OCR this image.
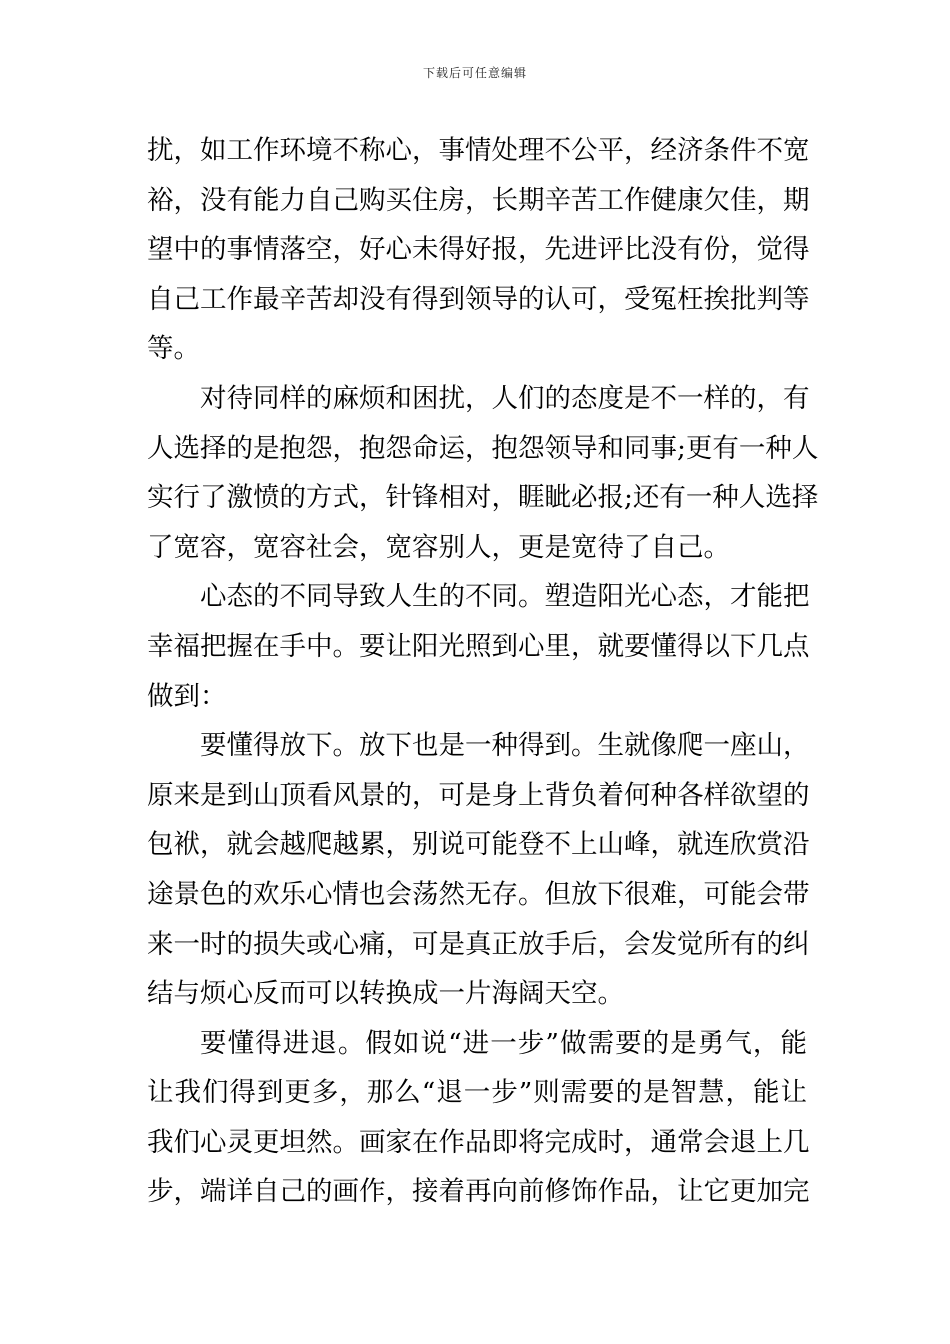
下载后可任意编辑
扰，如工作环境不称心，事情处理不公平，经济条件不宽
裕，没有能力自己购买住房，长期辛苦工作健康欠佳，期
望中的事情落空，好心未得好报，先进评比没有份，觉得
自己工作最辛苦却没有得到领导的认可，受冤枉挨批判等
等。
对待同样的麻烦和困扰，人们的态度是不一样的，有
人选择的是抱怨，抱怨命运，抱怨领导和同事;更有一种人
实行了激愤的方式，针锋相对，睚眦必报;还有一种人选择
了宽容，宽容社会，宽容别人，更是宽待了自己。
心态的不同导致人生的不同。塑造阳光心态，才能把
幸福把握在手中。要让阳光照到心里，就要懂得以下几点
做到：
要懂得放下。放下也是一种得到。生就像爬一座山，
原来是到山顶看风景的，可是身上背负着何种各样欲望的
包袱，就会越爬越累，别说可能登不上山峰，就连欣赏沿
途景色的欢乐心情也会荡然无存。但放下很难，可能会带
来一时的损失或心痛，可是真正放手后，会发觉所有的纠
结与烦心反而可以转换成一片海阔天空。
要懂得进退。假如说“进一步”做需要的是勇气，能
让我们得到更多，那么“退一步”则需要的是智慧，能让
我们心灵更坦然。画家在作品即将完成时，通常会退上几
步，端详自己的画作，接着再向前修饰作品，让它更加完
